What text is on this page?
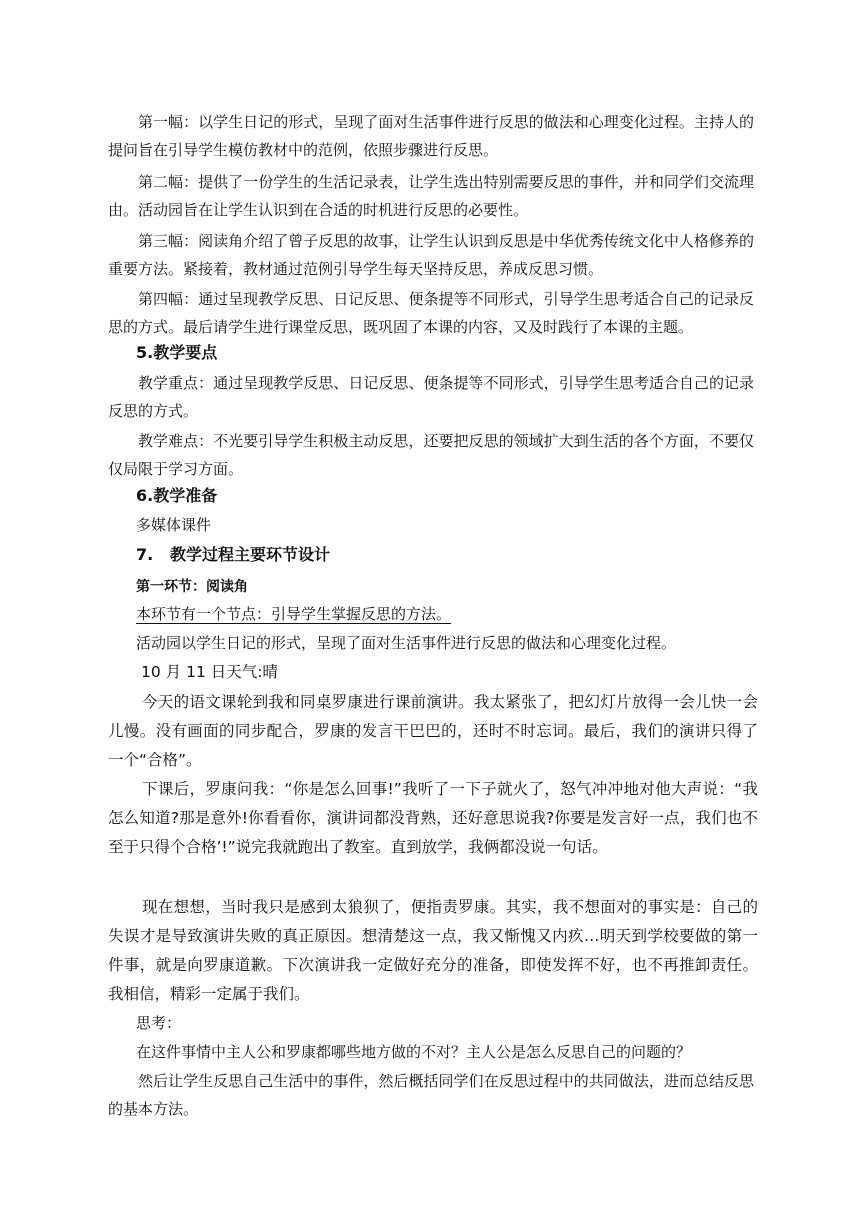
第一幅：以学生日记的形式，呈现了面对生活事件进行反思的做法和心理变化过程。主持人的提问旨在引导学生模仿教材中的范例，依照步骤进行反思。

第二幅：提供了一份学生的生活记录表，让学生选出特别需要反思的事件，并和同学们交流理由。活动园旨在让学生认识到在合适的时机进行反思的必要性。

第三幅：阅读角介绍了曾子反思的故事，让学生认识到反思是中华优秀传统文化中人格修养的重要方法。紧接着，教材通过范例引导学生每天坚持反思，养成反思习惯。

第四幅：通过呈现教学反思、日记反思、便条提等不同形式，引导学生思考适合自己的记录反思的方式。最后请学生进行课堂反思，既巩固了本课的内容，又及时践行了本课的主题。

5.教学要点

教学重点：通过呈现教学反思、日记反思、便条提等不同形式，引导学生思考适合自己的记录反思的方式。

教学难点：不光要引导学生积极主动反思，还要把反思的领域扩大到生活的各个方面，不要仅仅局限于学习方面。

6.教学准备

多媒体课件

7. 教学过程主要环节设计

第一环节：阅读角

本环节有一个节点：引导学生掌握反思的方法。

活动园以学生日记的形式，呈现了面对生活事件进行反思的做法和心理变化过程。

10 月 11 日天气:晴

今天的语文课轮到我和同桌罗康进行课前演讲。我太紧张了，把幻灯片放得一会儿快一会儿慢。没有画面的同步配合，罗康的发言干巴巴的，还时不时忘词。最后，我们的演讲只得了一个“合格”。

下课后，罗康问我：“你是怎么回事!”我听了一下子就火了，怒气冲冲地对他大声说：“我怎么知道?那是意外!你看看你，演讲词都没背熟，还好意思说我?你要是发言好一点，我们也不至于只得个合格’!”说完我就跑出了教室。直到放学，我俩都没说一句话。

现在想想，当时我只是感到太狼狈了，便指责罗康。其实，我不想面对的事实是：自己的失误才是导致演讲失败的真正原因。想清楚这一点，我又惭愧又内疚…明天到学校要做的第一件事，就是向罗康道歉。下次演讲我一定做好充分的准备，即使发挥不好，也不再推卸责任。我相信，精彩一定属于我们。

思考：

在这件事情中主人公和罗康都哪些地方做的不对？主人公是怎么反思自己的问题的？

然后让学生反思自己生活中的事件，然后概括同学们在反思过程中的共同做法，进而总结反思的基本方法。
